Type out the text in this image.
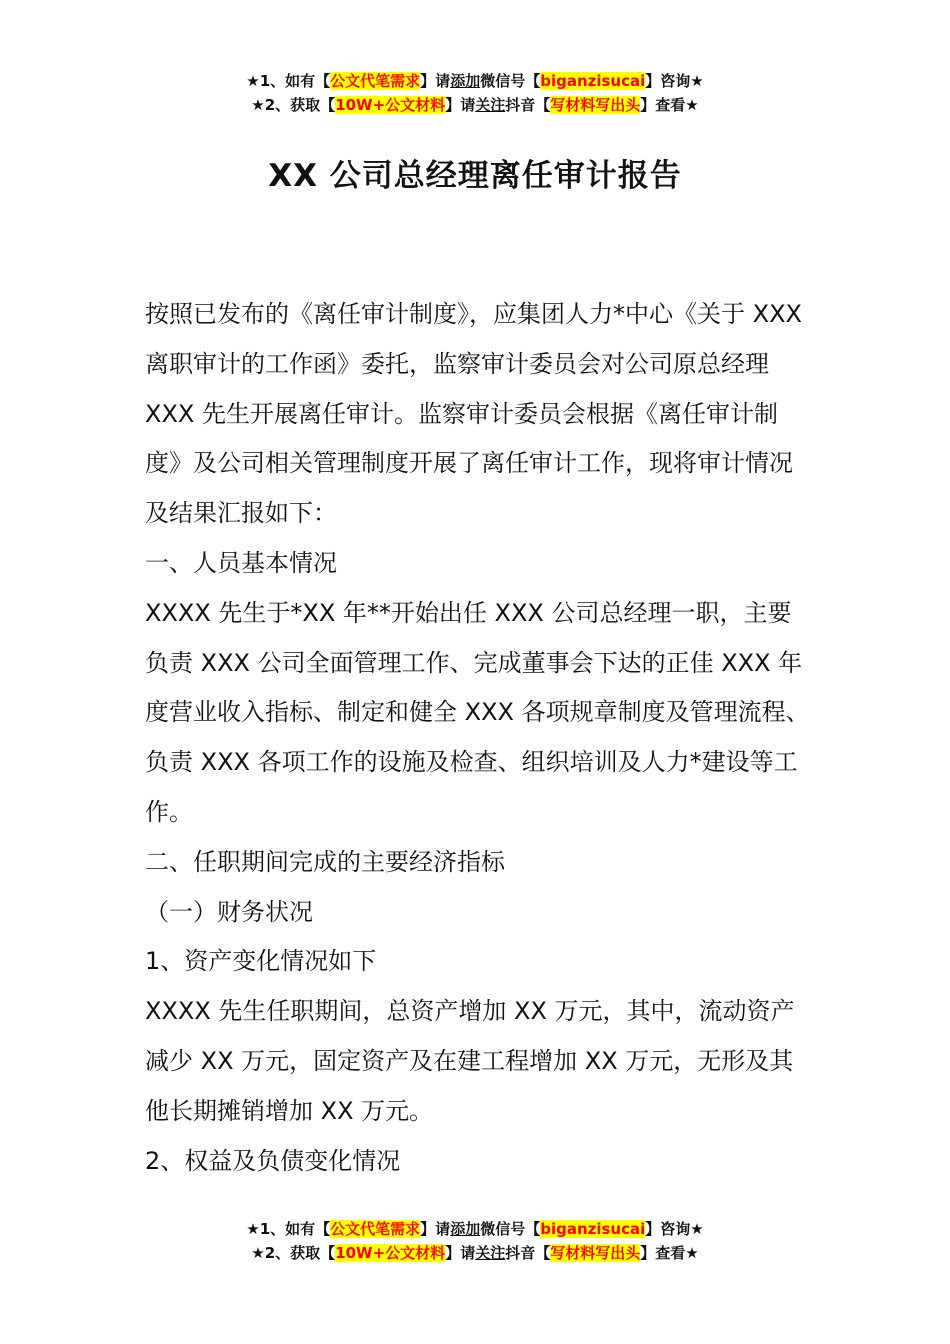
★1、如有【公文代笔需求】请添加微信号【biganzisucai】咨询★
★2、获取【10W+公文材料】请关注抖音【写材料写出头】查看★
XX 公司总经理离任审计报告

按照已发布的《离任审计制度》，应集团人力*中心《关于 XXX 离职审计的工作函》委托，监察审计委员会对公司原总经理 XXX 先生开展离任审计。监察审计委员会根据《离任审计制度》及公司相关管理制度开展了离任审计工作，现将审计情况及结果汇报如下：

一、人员基本情况

XXXX 先生于*XX 年**开始出任 XXX 公司总经理一职，主要负责 XXX 公司全面管理工作、完成董事会下达的正佳 XXX 年度营业收入指标、制定和健全 XXX 各项规章制度及管理流程、负责 XXX 各项工作的设施及检查、组织培训及人力*建设等工作。

二、任职期间完成的主要经济指标

（一）财务状况

1、资产变化情况如下

XXXX 先生任职期间，总资产增加 XX 万元，其中，流动资产减少 XX 万元，固定资产及在建工程增加 XX 万元，无形及其他长期摊销增加 XX 万元。

2、权益及负债变化情况

★1、如有【公文代笔需求】请添加微信号【biganzisucai】咨询★
★2、获取【10W+公文材料】请关注抖音【写材料写出头】查看★
